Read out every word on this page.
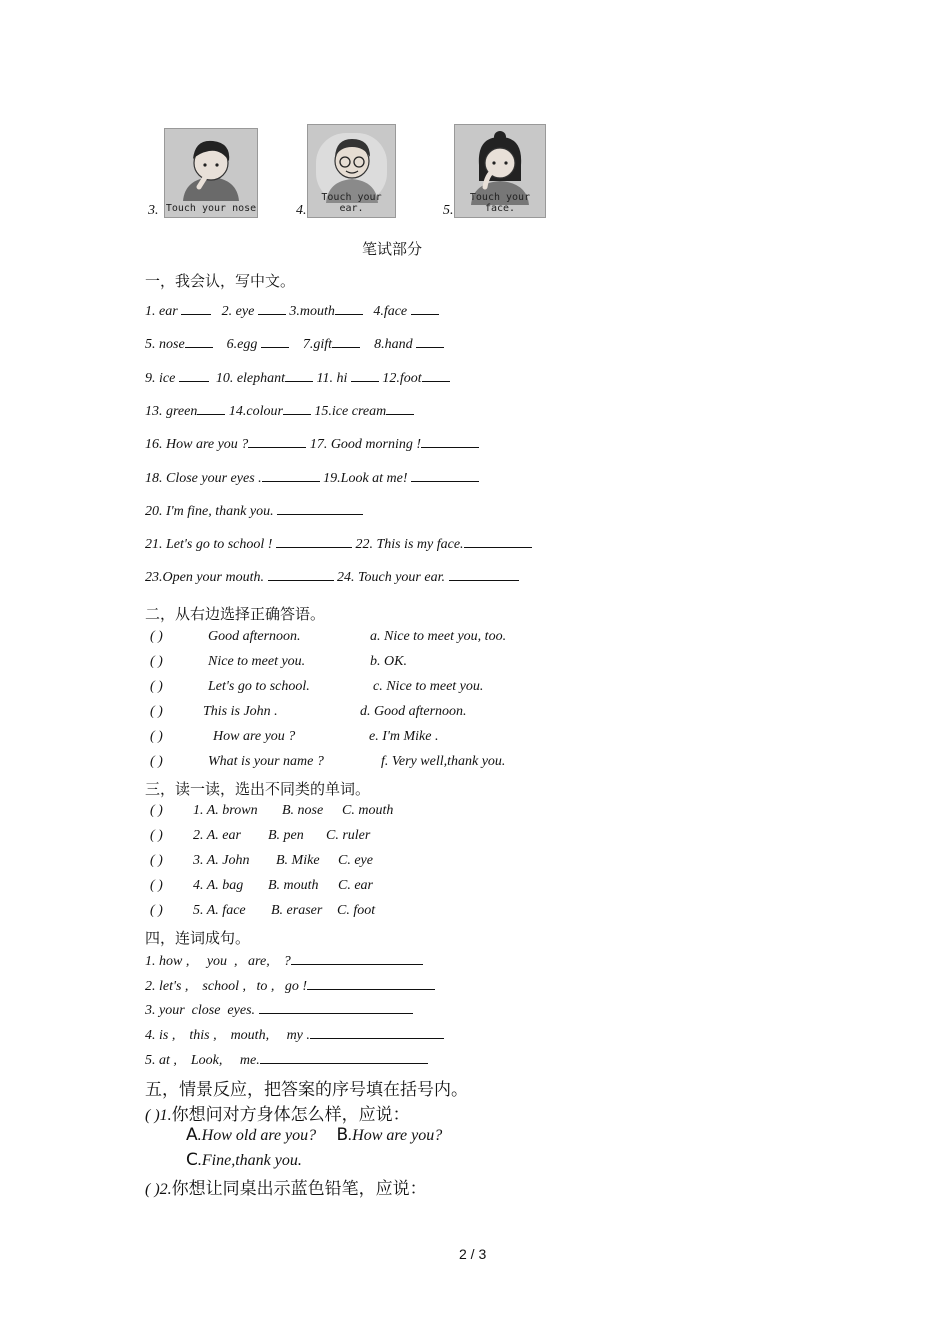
3. Touch your nose	4.
Touch your ear.	5.
Touch your face.
笔试部分
一，我会认，写中文。
1. ear	2. eye	3.mouth	4.face
5. nose	6.egg	7.gift	8.hand
9. ice	10. elephant 11. hi	12.foot
13. green 14.colour 15.ice cream
16. How are you ?	17. Good morning !
18. Close your eyes .	19.Look at me!
20. I'm fine, thank you.
21. Let's go to school !	22. This is my face.
23.Open your mouth.	24. Touch your ear.
二，从右边选择正确答语。
( )	Good afternoon.	a. Nice to meet you, too.
( )	Nice to meet you.	b. OK.
( )	Let's go to school.	c. Nice to meet you.
( )	This is John .	d. Good afternoon.
( )	How are you ?	e. I'm Mike .
( )	What is your name ?	f. Very well,thank you.
三，读一读，选出不同类的单词。
( ) 1. A. brown B. nose C. mouth
( ) 2. A. ear B. pen C. ruler
( ) 3. A. John B. Mike C. eye
( ) 4. A. bag B. mouth C. ear
( ) 5. A. face B. eraser C. foot
四，连词成句。
1. how ,     you  ,   are,    ?
2. let's ,    school ,   to ,   go !
3. your  close  eyes.
4. is ,    this ,    mouth,     my .
5. at ,    Look,     me.
五，情景反应，把答案的序号填在括号内。
( )1.你想问对方身体怎么样，应说：
A.How old are you? B.How are you?
C.Fine,thank you.
( )2.你想让同桌出示蓝色铅笔，应说：
2 / 3
